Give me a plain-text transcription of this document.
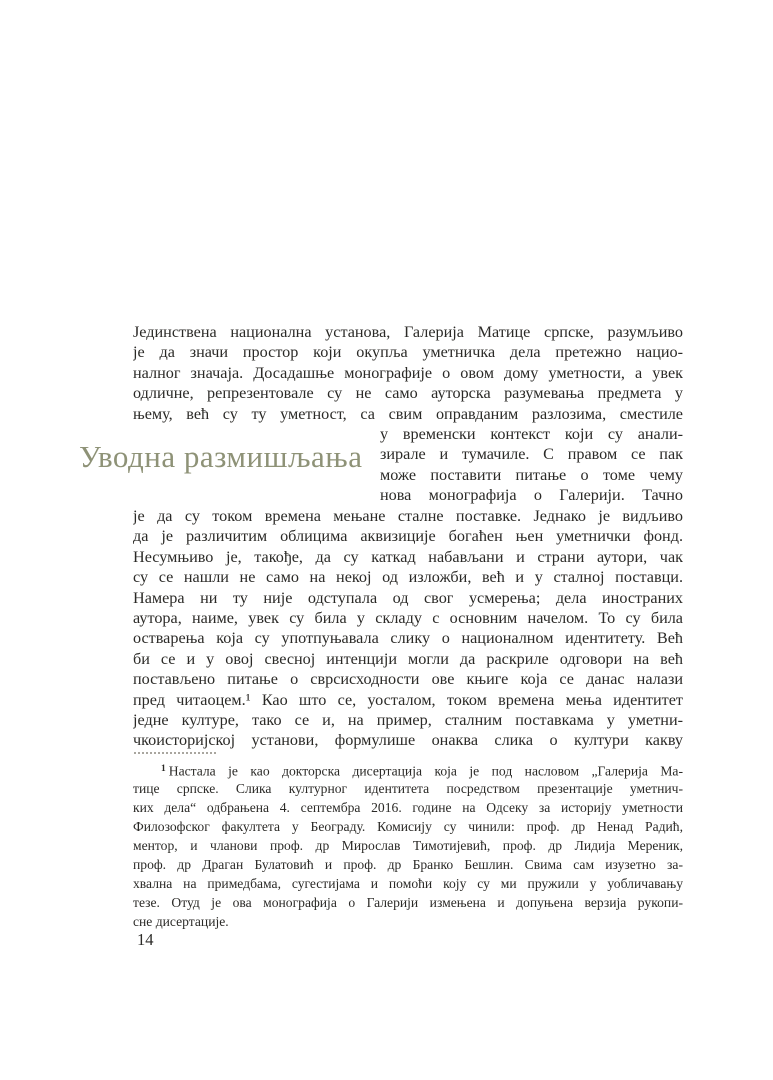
Уводна размишљања
Јединствена национална установа, Галерија Матице српске, разумљиво
је да значи простор који окупља уметничка дела претежно нацио-
налног значаја. Досадашње монографије о овом дому уметности, а увек
одличне, репрезентовале су не само ауторска разумевања предмета у
њему, већ су ту уметност, са свим оправданим разлозима, сместиле
у временски контекст који су анали-
зирале и тумачиле. С правом се пак
може поставити питање о томе чему
нова монографија о Галерији. Тачно
је да су током времена мењане сталне поставке. Једнако је видљиво
да је различитим облицима аквизиције богаћен њен уметнички фонд.
Несумњиво је, такође, да су каткад набављани и страни аутори, чак
су се нашли не само на некој од изложби, већ и у сталној поставци.
Намера ни ту није одступала од свог усмерења; дела иностраних
аутора, наиме, увек су била у складу с основним начелом. То су била
остварења која су употпуњавала слику о националном идентитету. Већ
би се и у овој свесној интенцији могли да раскриле одговори на већ
постављено питање о сврсисходности ове књиге која се данас налази
пред читаоцем.¹ Као што се, уосталом, током времена мења идентитет
једне културе, тако се и, на пример, сталним поставкама у уметни-
чкоисторијској установи, формулише онаква слика о култури какву
$^1$ Настала је као докторска дисертација која је под насловом „Галерија Ма-
тице српске. Слика културног идентитета посредством презентације уметнич-
ких дела“ одбрањена 4. септембра 2016. године на Одсеку за историју уметности
Филозофског факултета у Београду. Комисију су чинили: проф. др Ненад Радић,
ментор, и чланови проф. др Мирослав Тимотијевић, проф. др Лидија Мереник,
проф. др Драган Булатовић и проф. др Бранко Бешлин. Свима сам изузетно за-
хвална на примедбама, сугестијама и помоћи коју су ми пружили у уобличавању
тезе. Отуд је ова монографија о Галерији измењена и допуњена верзија рукопи-
сне дисертације.
14
